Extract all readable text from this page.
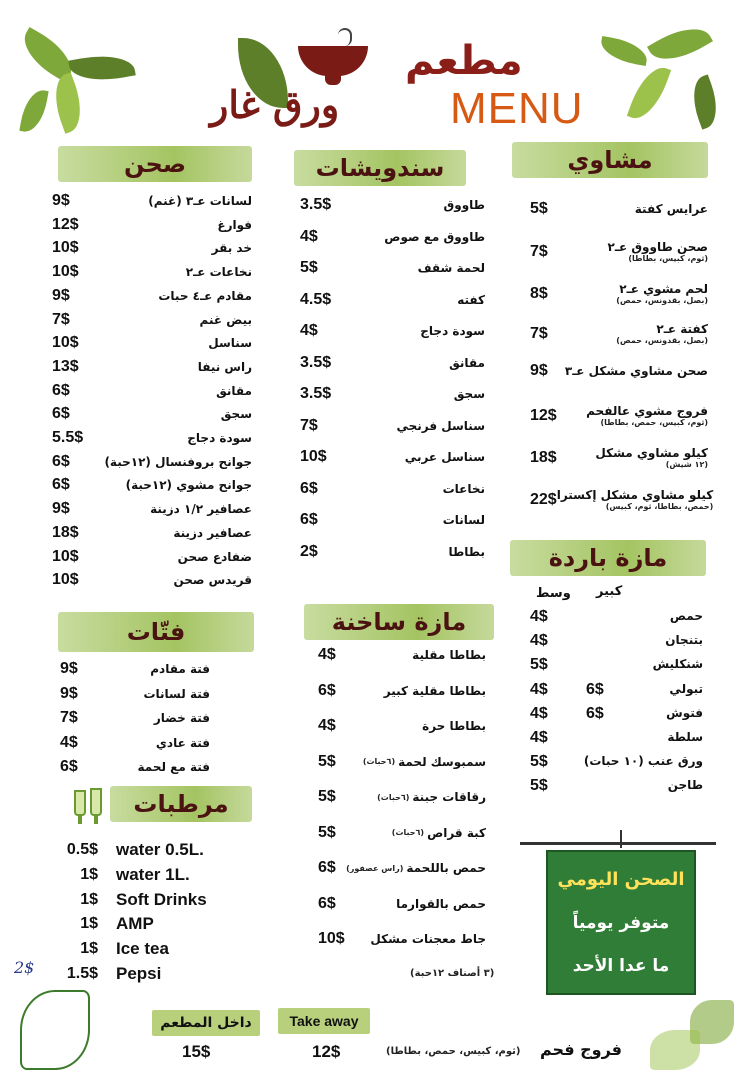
مطعم
ورق غار	MENU
مشاوي
سندويشات
صحن
فتّات	مازة ساخنة
مازة باردة
مرطبات
5$	عرايس كفتة
7$	صحن طاووق عـ٢
(ثوم، كبيس، بطاطا)
8$	لحم مشوي عـ٢
(بصل، بقدونس، حمص)
7$	كفتة عـ٢
(بصل، بقدونس، حمص)
9$ صحن مشاوي مشكل عـ٣
12$ فروج مشوي عالفحم
(ثوم، كبيس، حمص، بطاطا)
18$	كيلو مشاوي مشكل
(١٢ شيش)
22$ كيلو مشاوي مشكل إكسترا
(حمص، بطاطا، ثوم، كبيس)
3.5$	طاووق
4$	طاووق مع صوص
5$	لحمة شقف
4.5$	كفته
4$	سودة دجاج
3.5$	مقانق
3.5$	سجق
7$	سناسل فرنجي
10$	سناسل عربي
6$	نخاعات
6$	لسانات
2$	بطاطا
9$	لسانات عـ٣ (غنم)
12$	فوارغ
10$	خد بقر
10$	نخاعات عـ٢
9$	مقادم عـ٤ حبات
7$	بيض غنم
10$	سناسل
13$	راس نيفا
6$	مقانق
6$	سجق
5.5$	سودة دجاج
6$	جوانح بروفنسال (١٢حبة)
6$	جوانح مشوي (١٢حبة)
9$	عصافير ١/٢ دزينة
18$	عصافير دزينة
10$	ضفادع صحن
10$	قريدس صحن
9$	فتة مقادم
9$	فتة لسانات
7$	فتة خضار
4$	فتة عادي
6$	فتة مع لحمة
4$	بطاطا مقلية
6$	بطاطا مقلية كبير
4$	بطاطا حرة
5$	(٦حبات) سمبوسك لحمة
5$	(٦حبات) رقاقات جبنة
5$	(٦حبات) كبة قراص
6$ (راس عصفور) حمص باللحمة
6$	حمص بالقوارما
10$ جاط معجنات مشكل
(٣ أصناف ١٢حبة)
كبير
وسط
4$	حمص
4$	بتنجان
5$	شنكليش
4$ 6$	تبولي
4$ 6$	فتوش
4$	سلطة
5$	ورق عنب (١٠ حبات)
5$	طاجن
0.5$ water 0.5L.
1$ water 1L.
1$ Soft Drinks
1$ AMP
1$ Ice tea
1.5$ Pepsi
2$
الصحن اليومي
متوفر يومياً
ما عدا الأحد
داخل المطعم
15$
Take away
12$	فروج فحم
(ثوم، كبيس، حمص، بطاطا)
